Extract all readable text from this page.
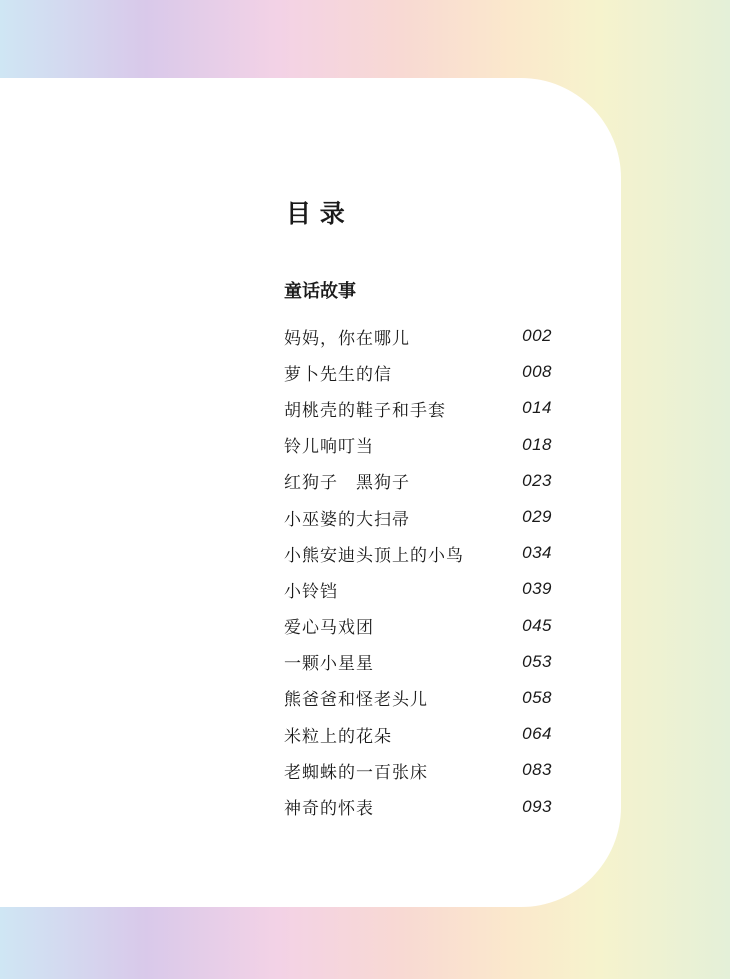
目 录
童话故事
妈妈，你在哪儿	002
萝卜先生的信	008
胡桃壳的鞋子和手套	014
铃儿响叮当	018
红狗子　黑狗子	023
小巫婆的大扫帚	029
小熊安迪头顶上的小鸟	034
小铃铛	039
爱心马戏团	045
一颗小星星	053
熊爸爸和怪老头儿	058
米粒上的花朵	064
老蜘蛛的一百张床	083
神奇的怀表	093
